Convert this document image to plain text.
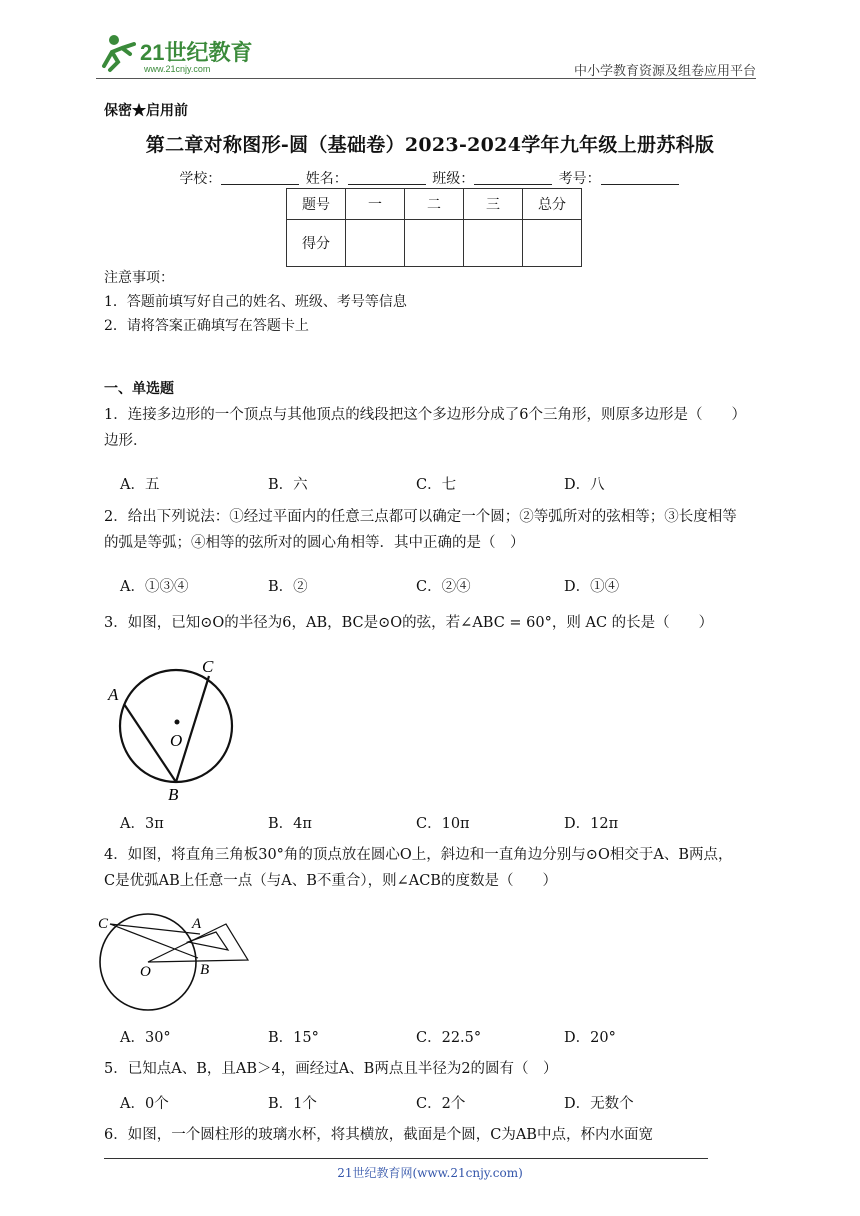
21世纪教育
www.21cnjy.com	中小学教育资源及组卷应用平台
保密★启用前
第二章对称图形-圆（基础卷）2023-2024学年九年级上册苏科版
学校：	姓名：	班级：	考号：
题号	一	二	三	总分
得分				
注意事项：
1．答题前填写好自己的姓名、班级、考号等信息
2．请将答案正确填写在答题卡上
一、单选题
1．连接多边形的一个顶点与其他顶点的线段把这个多边形分成了6个三角形，则原多边形是（　　）
边形．
A．五	B．六	C．七	D．八
2．给出下列说法：①经过平面内的任意三点都可以确定一个圆；②等弧所对的弦相等；③长度相等
的弧是等弧；④相等的弦所对的圆心角相等．其中正确的是（　）
A．①③④	B．②	C．②④	D．①④
3．如图，已知⊙O的半径为6，AB，BC是⊙O的弦，若∠ABC = 60°，则 AC 的长是（　　）
A
C
O
B
A．3π	B．4π	C．10π	D．12π
4．如图，将直角三角板30°角的顶点放在圆心O上，斜边和一直角边分别与⊙O相交于A、B两点，
C是优弧AB上任意一点（与A、B不重合），则∠ACB的度数是（　　）
C	A
O	B
A．30°	B．15°	C．22.5°	D．20°
5．已知点A、B，且AB＞4，画经过A、B两点且半径为2的圆有（　）
A．0个	B．1个	C．2个	D．无数个
6．如图，一个圆柱形的玻璃水杯，将其横放，截面是个圆，C为AB中点，杯内水面宽
21世纪教育网(www.21cnjy.com)
